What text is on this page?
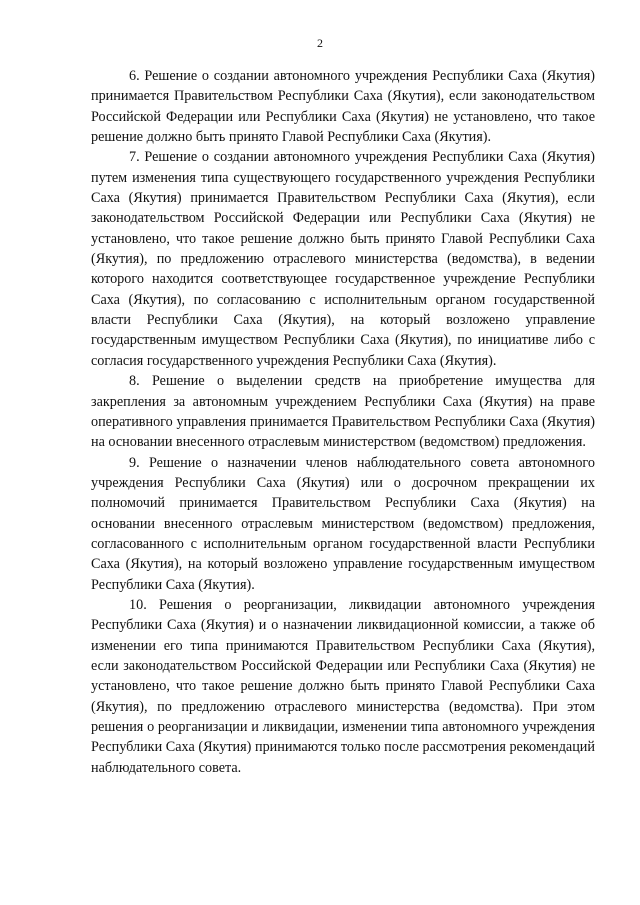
2

6. Решение о создании автономного учреждения Республики Саха (Якутия) принимается Правительством Республики Саха (Якутия), если законодательством Российской Федерации или Республики Саха (Якутия) не установлено, что такое решение должно быть принято Главой Республики Саха (Якутия).

7. Решение о создании автономного учреждения Республики Саха (Якутия) путем изменения типа существующего государственного учреждения Республики Саха (Якутия) принимается Правительством Республики Саха (Якутия), если законодательством Российской Федерации или Республики Саха (Якутия) не установлено, что такое решение должно быть принято Главой Республики Саха (Якутия), по предложению отраслевого министерства (ведомства), в ведении которого находится соответствующее государственное учреждение Республики Саха (Якутия), по согласованию с исполнительным органом государственной власти Республики Саха (Якутия), на который возложено управление государственным имуществом Республики Саха (Якутия), по инициативе либо с согласия государственного учреждения Республики Саха (Якутия).

8. Решение о выделении средств на приобретение имущества для закрепления за автономным учреждением Республики Саха (Якутия) на праве оперативного управления принимается Правительством Республики Саха (Якутия) на основании внесенного отраслевым министерством (ведомством) предложения.

9. Решение о назначении членов наблюдательного совета автономного учреждения Республики Саха (Якутия) или о досрочном прекращении их полномочий принимается Правительством Республики Саха (Якутия) на основании внесенного отраслевым министерством (ведомством) предложения, согласованного с исполнительным органом государственной власти Республики Саха (Якутия), на который возложено управление государственным имуществом Республики Саха (Якутия).

10. Решения о реорганизации, ликвидации автономного учреждения Республики Саха (Якутия) и о назначении ликвидационной комиссии, а также об изменении его типа принимаются Правительством Республики Саха (Якутия), если законодательством Российской Федерации или Республики Саха (Якутия) не установлено, что такое решение должно быть принято Главой Республики Саха (Якутия), по предложению отраслевого министерства (ведомства). При этом решения о реорганизации и ликвидации, изменении типа автономного учреждения Республики Саха (Якутия) принимаются только после рассмотрения рекомендаций наблюдательного совета.
